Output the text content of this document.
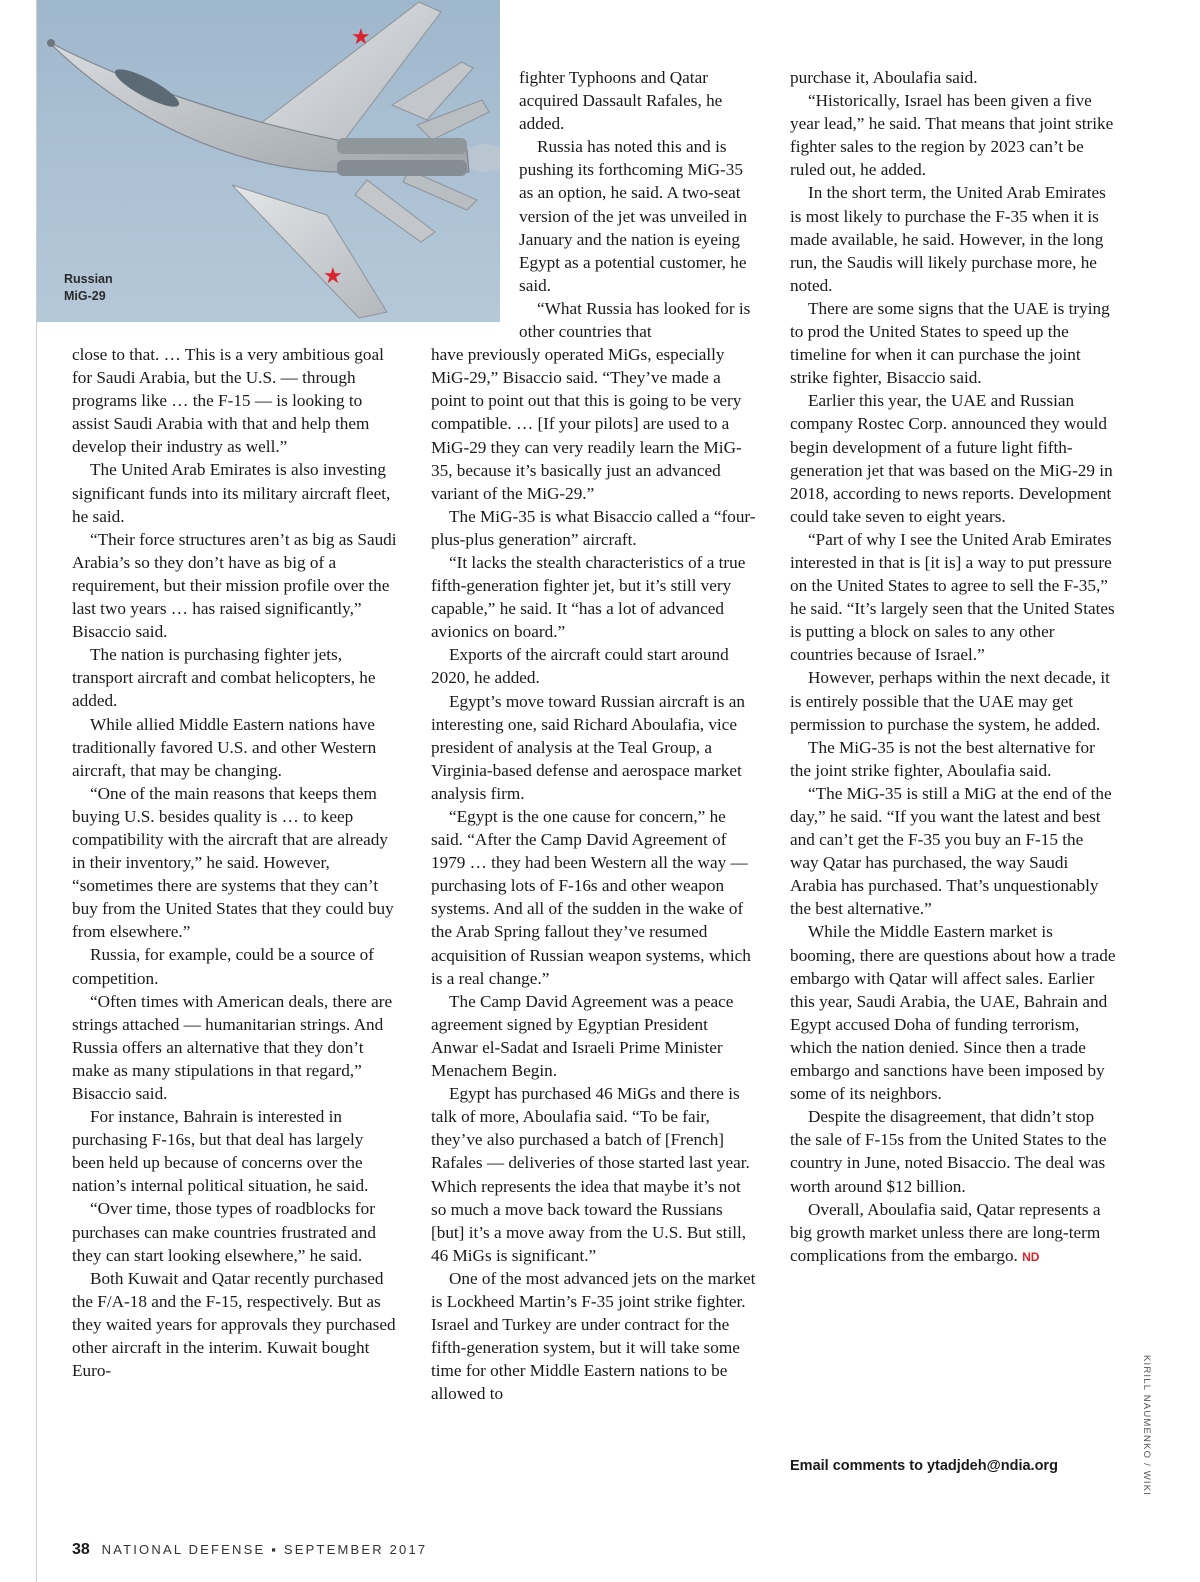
★
★
Russian
MiG-29

close to that. … This is a very ambitious goal for Saudi Arabia, but the U.S. — through programs like … the F-15 — is looking to assist Saudi Arabia with that and help them develop their industry as well.”

The United Arab Emirates is also investing significant funds into its military aircraft fleet, he said.

“Their force structures aren’t as big as Saudi Arabia’s so they don’t have as big of a requirement, but their mission profile over the last two years … has raised significantly,” Bisaccio said.

The nation is purchasing fighter jets, transport aircraft and combat helicopters, he added.

While allied Middle Eastern nations have traditionally favored U.S. and other Western aircraft, that may be changing.

“One of the main reasons that keeps them buying U.S. besides quality is … to keep compatibility with the aircraft that are already in their inventory,” he said. However, “sometimes there are systems that they can’t buy from the United States that they could buy from elsewhere.”

Russia, for example, could be a source of competition.

“Often times with American deals, there are strings attached — humanitarian strings. And Russia offers an alternative that they don’t make as many stipulations in that regard,” Bisaccio said.

For instance, Bahrain is interested in purchasing F-16s, but that deal has largely been held up because of concerns over the nation’s internal political situation, he said.

“Over time, those types of roadblocks for purchases can make countries frustrated and they can start looking elsewhere,” he said.

Both Kuwait and Qatar recently purchased the F/A-18 and the F-15, respectively. But as they waited years for approvals they purchased other aircraft in the interim. Kuwait bought Euro-

fighter Typhoons and Qatar acquired Dassault Rafales, he added.

Russia has noted this and is pushing its forthcoming MiG-35 as an option, he said. A two-seat version of the jet was unveiled in January and the nation is eyeing Egypt as a potential customer, he said.

“What Russia has looked for is other countries that

have previously operated MiGs, especially MiG-29,” Bisaccio said. “They’ve made a point to point out that this is going to be very compatible. … [If your pilots] are used to a MiG-29 they can very readily learn the MiG-35, because it’s basically just an advanced variant of the MiG-29.”

The MiG-35 is what Bisaccio called a “four-plus-plus generation” aircraft.

“It lacks the stealth characteristics of a true fifth-generation fighter jet, but it’s still very capable,” he said. It “has a lot of advanced avionics on board.”

Exports of the aircraft could start around 2020, he added.

Egypt’s move toward Russian aircraft is an interesting one, said Richard Aboulafia, vice president of analysis at the Teal Group, a Virginia-based defense and aerospace market analysis firm.

“Egypt is the one cause for concern,” he said. “After the Camp David Agreement of 1979 … they had been Western all the way — purchasing lots of F-16s and other weapon systems. And all of the sudden in the wake of the Arab Spring fallout they’ve resumed acquisition of Russian weapon systems, which is a real change.”

The Camp David Agreement was a peace agreement signed by Egyptian President Anwar el-Sadat and Israeli Prime Minister Menachem Begin.

Egypt has purchased 46 MiGs and there is talk of more, Aboulafia said. “To be fair, they’ve also purchased a batch of [French] Rafales — deliveries of those started last year. Which represents the idea that maybe it’s not so much a move back toward the Russians [but] it’s a move away from the U.S. But still, 46 MiGs is significant.”

One of the most advanced jets on the market is Lockheed Martin’s F-35 joint strike fighter. Israel and Turkey are under contract for the fifth-generation system, but it will take some time for other Middle Eastern nations to be allowed to

purchase it, Aboulafia said.

“Historically, Israel has been given a five year lead,” he said. That means that joint strike fighter sales to the region by 2023 can’t be ruled out, he added.

In the short term, the United Arab Emirates is most likely to purchase the F-35 when it is made available, he said. However, in the long run, the Saudis will likely purchase more, he noted.

There are some signs that the UAE is trying to prod the United States to speed up the timeline for when it can purchase the joint strike fighter, Bisaccio said.

Earlier this year, the UAE and Russian company Rostec Corp. announced they would begin development of a future light fifth-generation jet that was based on the MiG-29 in 2018, according to news reports. Development could take seven to eight years.

“Part of why I see the United Arab Emirates interested in that is [it is] a way to put pressure on the United States to agree to sell the F-35,” he said. “It’s largely seen that the United States is putting a block on sales to any other countries because of Israel.”

However, perhaps within the next decade, it is entirely possible that the UAE may get permission to purchase the system, he added.

The MiG-35 is not the best alternative for the joint strike fighter, Aboulafia said.

“The MiG-35 is still a MiG at the end of the day,” he said. “If you want the latest and best and can’t get the F-35 you buy an F-15 the way Qatar has purchased, the way Saudi Arabia has purchased. That’s unquestionably the best alternative.”

While the Middle Eastern market is booming, there are questions about how a trade embargo with Qatar will affect sales. Earlier this year, Saudi Arabia, the UAE, Bahrain and Egypt accused Doha of funding terrorism, which the nation denied. Since then a trade embargo and sanctions have been imposed by some of its neighbors.

Despite the disagreement, that didn’t stop the sale of F-15s from the United States to the country in June, noted Bisaccio. The deal was worth around $12 billion.

Overall, Aboulafia said, Qatar represents a big growth market unless there are long-term complications from the embargo. ND

Email comments to ytadjdeh@ndia.org
38 NATIONAL DEFENSE ▪ SEPTEMBER 2017
KIRILL NAUMENKO / WIKI
